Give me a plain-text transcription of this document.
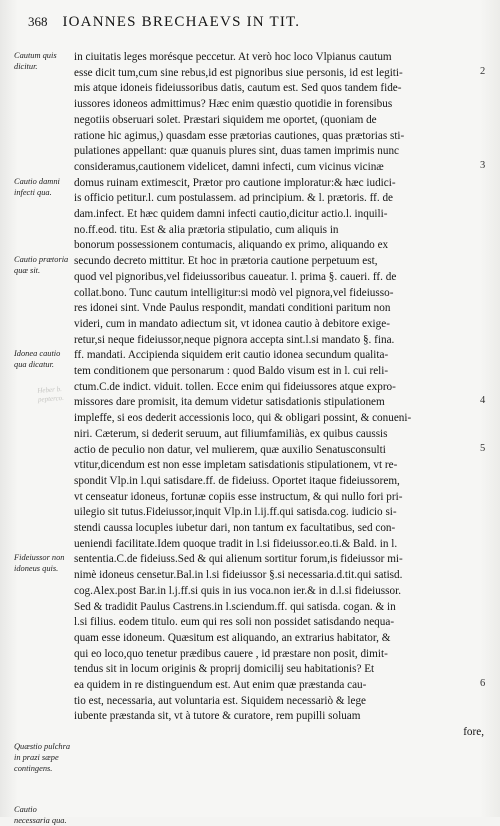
368 IOANNES BRECHAEVS IN TIT.
Cautum quis dicitur.
Cautio damni infecti qua.
Cautio prætoria quæ sit.
Idonea cautio qua dicatur.
Fideiussor non idoneus quis.
Quæstio pulchra in prazi sæpe contingens.
Cautio necessaria qua.
Heber b. pepterco.
in ciuitatis leges morésque peccetur. At verò hoc loco Vlpianus cautum
esse dicit tum,cum sine rebus,id est pignoribus siue personis, id est legiti-
mis atque idoneis fideiussoribus datis, cautum est. Sed quos tandem fide-
iussores idoneos admittimus? Hæc enim quæstio quotidie in forensibus
negotiis obseruari solet. Præstari siquidem me oportet, (quoniam de
ratione hic agimus,) quasdam esse prætorias cautiones, quas prætorias sti-
pulationes appellant: quæ quanuis plures sint, duas tamen imprimis nunc
consideramus,cautionem videlicet, damni infecti, cum vicinus vicinæ
domus ruinam extimescit, Prætor pro cautione imploratur:& hæc iudici-
is officio petitur.l. cum postulassem. ad principium. & l. prætoris. ff. de
dam.infect. Et hæc quidem damni infecti cautio,dicitur actio.l. inquili-
no.ff.eod. titu. Est & alia prætoria stipulatio, cum aliquis in
bonorum possessionem contumacis, aliquando ex primo, aliquando ex
secundo decreto mittitur. Et hoc in prætoria cautione perpetuum est,
quod vel pignoribus,vel fideiussoribus caueatur. l. prima §. caueri. ff. de
collat.bono. Tunc cautum intelligitur:si modò vel pignora,vel fideiusso-
res idonei sint. Vnde Paulus respondit, mandati conditioni paritum non
videri, cum in mandato adiectum sit, vt idonea cautio à debitore exige-
retur,si neque fideiussor,neque pignora accepta sint.l.si mandato §. fina.
ff. mandati. Accipienda siquidem erit cautio idonea secundum qualita-
tem conditionem que personarum : quod Baldo visum est in l. cui reli-
ctum.C.de indict. viduit. tollen. Ecce enim qui fideiussores atque expro-
missores dare promisit, ita demum videtur satisdationis stipulationem
impleffe, si eos dederit accessionis loco, qui & obligari possint, & conueni-
niri. Cæterum, si dederit seruum, aut filiumfamiliàs, ex quibus caussis
actio de peculio non datur, vel mulierem, quæ auxilio Senatusconsulti
vtitur,dicendum est non esse impletam satisdationis stipulationem, vt re-
spondit Vlp.in l.qui satisdare.ff. de fideiuss. Oportet itaque fideiussorem,
vt censeatur idoneus, fortunæ copiis esse instructum, & qui nullo fori pri-
uilegio sit tutus.Fideiussor,inquit Vlp.in l.ij.ff.qui satisda.cog. iudicio si-
stendi caussa locuples iubetur dari, non tantum ex facultatibus, sed con-
ueniendi facilitate.Idem quoque tradit in l.si fideiussor.eo.ti.& Bald. in l.
sententia.C.de fideiuss.Sed & qui alienum sortitur forum,is fideiussor mi-
nimè idoneus censetur.Bal.in l.si fideiussor §.si necessaria.d.tit.qui satisd.
cog.Alex.post Bar.in l.j.ff.si quis in ius voca.non ier.& in d.l.si fideiussor.
Sed & tradidit Paulus Castrens.in l.sciendum.ff. qui satisda. cogan. & in
l.si filius. eodem titulo. eum qui res soli non possidet satisdando nequa-
quam esse idoneum. Quæsitum est aliquando, an extrarius habitator, &
qui eo loco,quo tenetur prædibus cauere , id præstare non posit, dimit-
tendus sit in locum originis & proprij domicilij seu habitationis? Et
ea quidem in re distinguendum est. Aut enim quæ præstanda cau-
tio est, necessaria, aut voluntaria est. Siquidem necessariò & lege
iubente præstanda sit, vt à tutore & curatore, rem pupilli soluam
fore,
2
3
4
5
6
